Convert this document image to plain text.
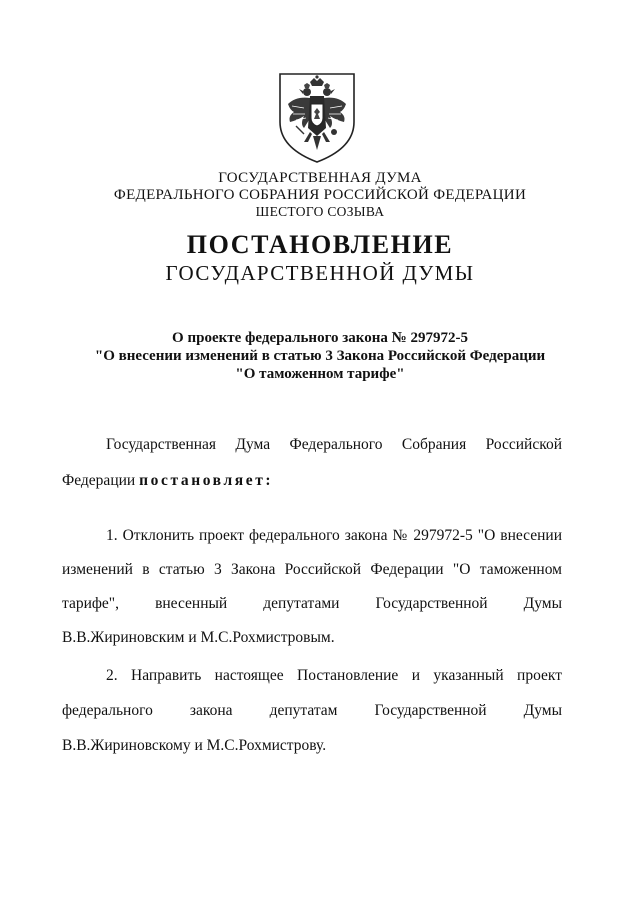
ГОСУДАРСТВЕННАЯ ДУМА
ФЕДЕРАЛЬНОГО СОБРАНИЯ РОССИЙСКОЙ ФЕДЕРАЦИИ
ШЕСТОГО СОЗЫВА
ПОСТАНОВЛЕНИЕ
ГОСУДАРСТВЕННОЙ ДУМЫ
О проекте федерального закона № 297972-5
"О внесении изменений в статью 3 Закона Российской Федерации
"О таможенном тарифе"
Государственная Дума Федерального Собрания Российской
Федерации постановляет:
1. Отклонить проект федерального закона № 297972-5 "О внесении
изменений в статью 3 Закона Российской Федерации "О таможенном
тарифе", внесенный депутатами Государственной Думы
В.В.Жириновским и М.С.Рохмистровым.
2. Направить настоящее Постановление и указанный проект
федерального закона депутатам Государственной Думы
В.В.Жириновскому и М.С.Рохмистрову.
